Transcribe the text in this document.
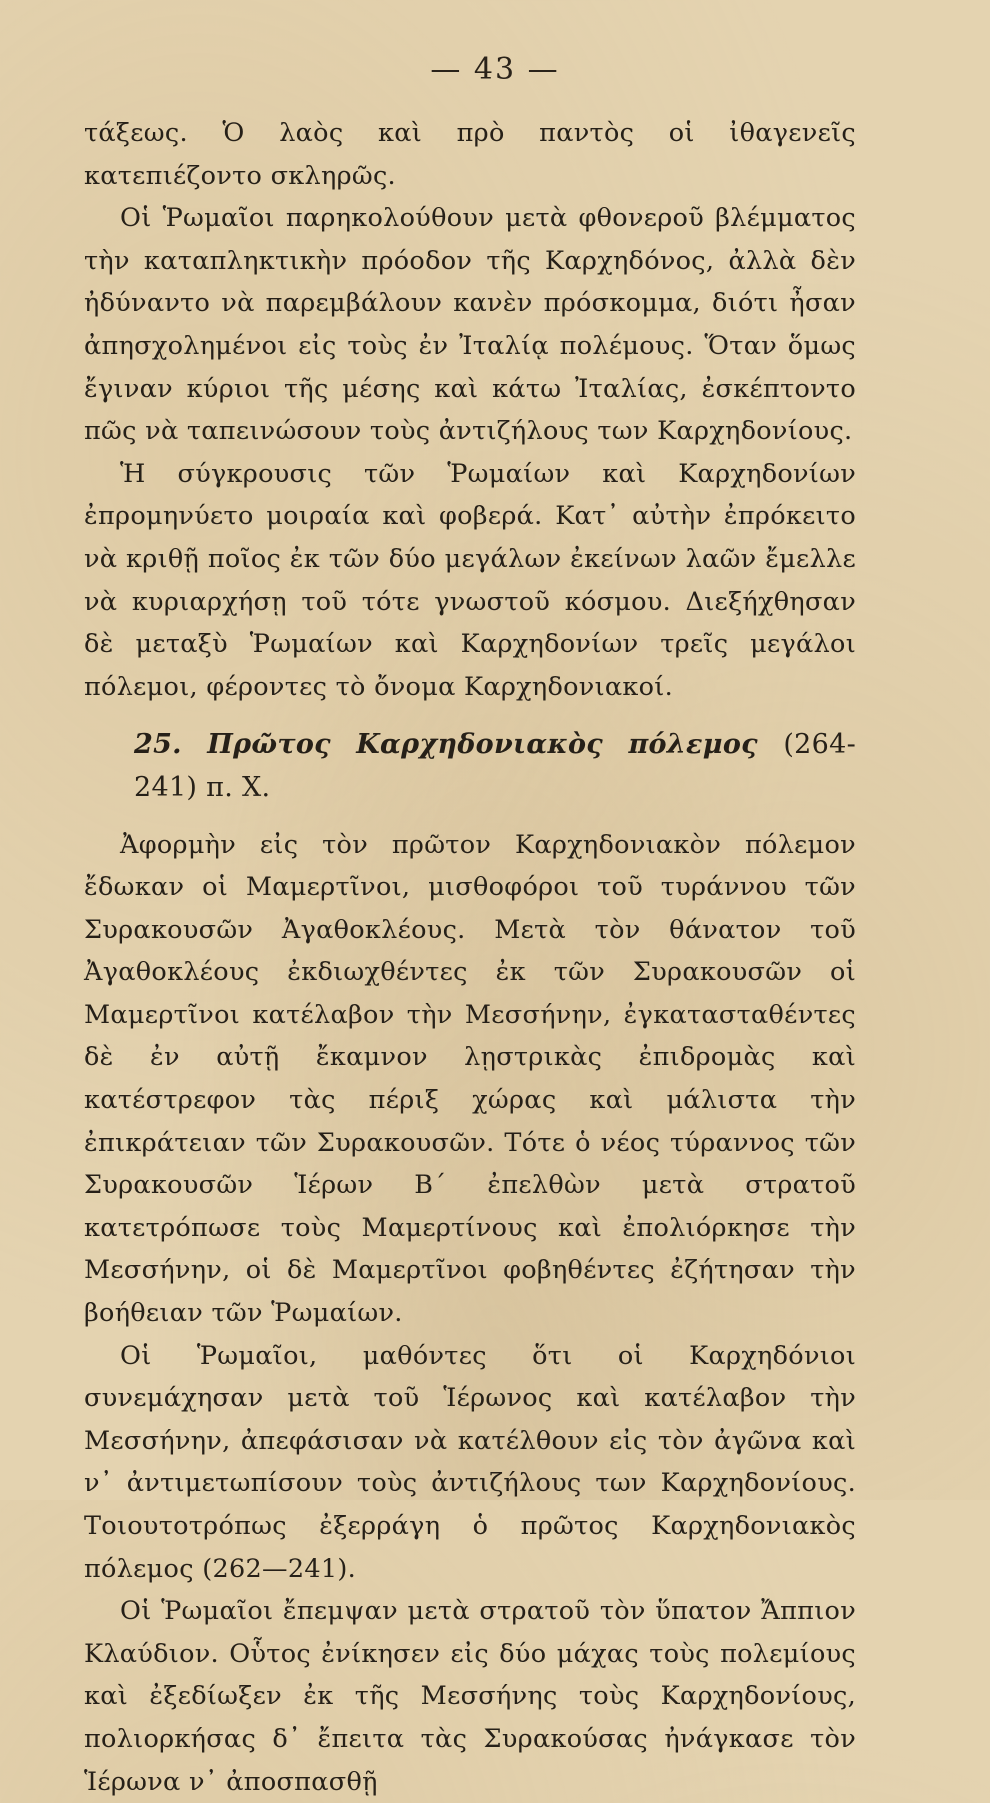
— 43 —

τάξεως. Ὁ λαὸς καὶ πρὸ παντὸς οἱ ἰθαγενεῖς κατεπιέζοντο σκληρῶς.

Οἱ Ῥωμαῖοι παρηκολούθουν μετὰ φθονεροῦ βλέμματος τὴν καταπληκτικὴν πρόοδον τῆς Καρχηδόνος, ἀλλὰ δὲν ἠδύναντο νὰ παρεμβάλουν κανὲν πρόσκομμα, διότι ἦσαν ἀπησχολημένοι εἰς τοὺς ἐν Ἰταλίᾳ πολέμους. Ὅταν ὅμως ἔγιναν κύριοι τῆς μέσης καὶ κάτω Ἰταλίας, ἐσκέπτοντο πῶς νὰ ταπεινώσουν τοὺς ἀντιζήλους των Καρχηδονίους.

Ἡ σύγκρουσις τῶν Ῥωμαίων καὶ Καρχηδονίων ἐπρομηνύετο μοιραία καὶ φοβερά. Κατ᾿ αὐτὴν ἐπρόκειτο νὰ κριθῇ ποῖος ἐκ τῶν δύο μεγάλων ἐκείνων λαῶν ἔμελλε νὰ κυριαρχήσῃ τοῦ τότε γνωστοῦ κόσμου. Διεξήχθησαν δὲ μεταξὺ Ῥωμαίων καὶ Καρχηδονίων τρεῖς μεγάλοι πόλεμοι, φέροντες τὸ ὄνομα Καρχηδονιακοί.

25. Πρῶτος Καρχηδονιακὸς πόλεμος (264-241) π. Χ.

Ἀφορμὴν εἰς τὸν πρῶτον Καρχηδονιακὸν πόλεμον ἔδωκαν οἱ Μαμερτῖνοι, μισθοφόροι τοῦ τυράννου τῶν Συρακουσῶν Ἀγαθοκλέους. Μετὰ τὸν θάνατον τοῦ Ἀγαθοκλέους ἐκδιωχθέντες ἐκ τῶν Συρακουσῶν οἱ Μαμερτῖνοι κατέλαβον τὴν Μεσσήνην, ἐγκατασταθέντες δὲ ἐν αὐτῇ ἔκαμνον λῃστρικὰς ἐπιδρομὰς καὶ κατέστρεφον τὰς πέριξ χώρας καὶ μάλιστα τὴν ἐπικράτειαν τῶν Συρακουσῶν. Τότε ὁ νέος τύραννος τῶν Συρακουσῶν Ἱέρων Β΄ ἐπελθὼν μετὰ στρατοῦ κατετρόπωσε τοὺς Μαμερτίνους καὶ ἐπολιόρκησε τὴν Μεσσήνην, οἱ δὲ Μαμερτῖνοι φοβηθέντες ἐζήτησαν τὴν βοήθειαν τῶν Ῥωμαίων.

Οἱ Ῥωμαῖοι, μαθόντες ὅτι οἱ Καρχηδόνιοι συνεμάχησαν μετὰ τοῦ Ἱέρωνος καὶ κατέλαβον τὴν Μεσσήνην, ἀπεφάσισαν νὰ κατέλθουν εἰς τὸν ἀγῶνα καὶ ν᾿ ἀντιμετωπίσουν τοὺς ἀντιζήλους των Καρχηδονίους. Τοιουτοτρόπως ἐξερράγη ὁ πρῶτος Καρχηδονιακὸς πόλεμος (262—241).

Οἱ Ῥωμαῖοι ἔπεμψαν μετὰ στρατοῦ τὸν ὕπατον Ἄππιον Κλαύδιον. Οὗτος ἐνίκησεν εἰς δύο μάχας τοὺς πολεμίους καὶ ἐξεδίωξεν ἐκ τῆς Μεσσήνης τοὺς Καρχηδονίους, πολιορκήσας δ᾿ ἔπειτα τὰς Συρακούσας ἠνάγκασε τὸν Ἱέρωνα ν᾿ ἀποσπασθῇ
